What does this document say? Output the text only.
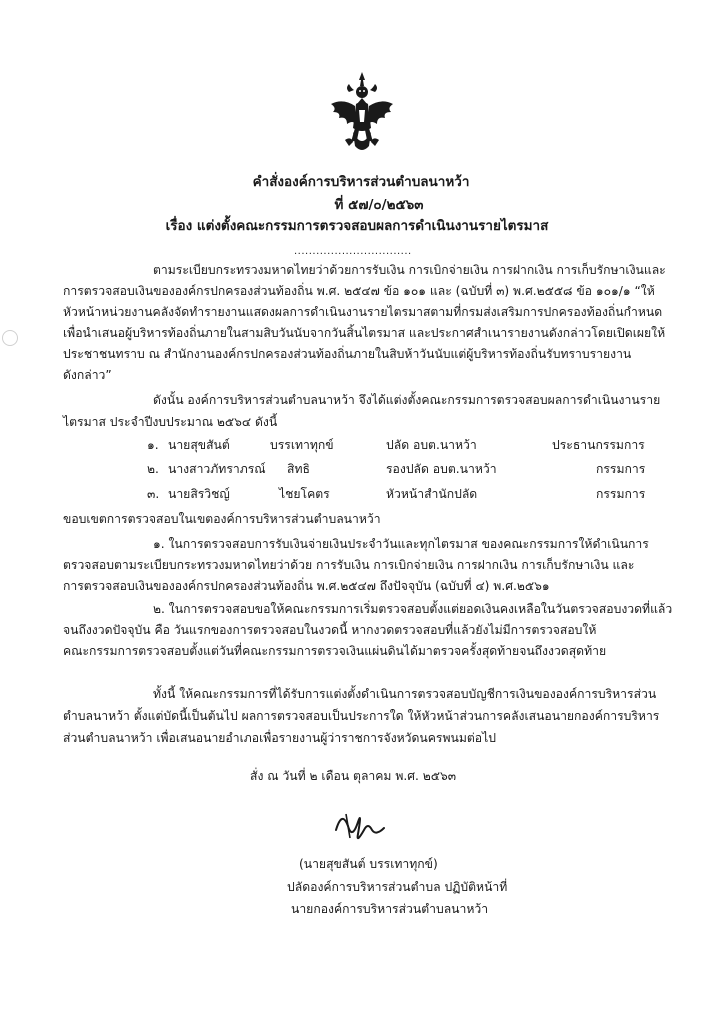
คำสั่งองค์การบริหารส่วนตำบลนาหว้า
ที่ ๕๗/๐/๒๕๖๓
เรื่อง แต่งตั้งคณะกรรมการตรวจสอบผลการดำเนินงานรายไตรมาส
................................
ตามระเบียบกระทรวงมหาดไทยว่าด้วยการรับเงิน การเบิกจ่ายเงิน การฝากเงิน การเก็บรักษาเงินและ
การตรวจสอบเงินขององค์กรปกครองส่วนท้องถิ่น พ.ศ. ๒๕๔๗ ข้อ ๑๐๑ และ (ฉบับที่ ๓) พ.ศ.๒๕๕๘ ข้อ ๑๐๑/๑ “ให้
หัวหน้าหน่วยงานคลังจัดทำรายงานแสดงผลการดำเนินงานรายไตรมาสตามที่กรมส่งเสริมการปกครองท้องถิ่นกำหนด
เพื่อนำเสนอผู้บริหารท้องถิ่นภายในสามสิบวันนับจากวันสิ้นไตรมาส และประกาศสำเนารายงานดังกล่าวโดยเปิดเผยให้
ประชาชนทราบ ณ สำนักงานองค์กรปกครองส่วนท้องถิ่นภายในสิบห้าวันนับแต่ผู้บริหารท้องถิ่นรับทราบรายงาน
ดังกล่าว”
ดังนั้น องค์การบริหารส่วนตำบลนาหว้า จึงได้แต่งตั้งคณะกรรมการตรวจสอบผลการดำเนินงานราย
ไตรมาส ประจำปีงบประมาณ ๒๕๖๔ ดังนี้
๑. นายสุขสันต์	บรรเทาทุกข์	ปลัด อบต.นาหว้า	ประธานกรรมการ
๒. นางสาวภัทราภรณ์ สิทธิ	รองปลัด อบต.นาหว้า	กรรมการ
๓. นายสิรวิชญ์	ไชยโคตร	หัวหน้าสำนักปลัด	กรรมการ
ขอบเขตการตรวจสอบในเขตองค์การบริหารส่วนตำบลนาหว้า
๑. ในการตรวจสอบการรับเงินจ่ายเงินประจำวันและทุกไตรมาส ของคณะกรรมการให้ดำเนินการ
ตรวจสอบตามระเบียบกระทรวงมหาดไทยว่าด้วย การรับเงิน การเบิกจ่ายเงิน การฝากเงิน การเก็บรักษาเงิน และ
การตรวจสอบเงินขององค์กรปกครองส่วนท้องถิ่น พ.ศ.๒๕๔๗ ถึงปัจจุบัน (ฉบับที่ ๔) พ.ศ.๒๕๖๑
๒. ในการตรวจสอบขอให้คณะกรรมการเริ่มตรวจสอบตั้งแต่ยอดเงินคงเหลือในวันตรวจสอบงวดที่แล้ว
จนถึงงวดปัจจุบัน คือ วันแรกของการตรวจสอบในงวดนี้ หากงวดตรวจสอบที่แล้วยังไม่มีการตรวจสอบให้
คณะกรรมการตรวจสอบตั้งแต่วันที่คณะกรรมการตรวจเงินแผ่นดินได้มาตรวจครั้งสุดท้ายจนถึงงวดสุดท้าย
ทั้งนี้ ให้คณะกรรมการที่ได้รับการแต่งตั้งดำเนินการตรวจสอบบัญชีการเงินขององค์การบริหารส่วน
ตำบลนาหว้า ตั้งแต่บัดนี้เป็นต้นไป ผลการตรวจสอบเป็นประการใด ให้หัวหน้าส่วนการคลังเสนอนายกองค์การบริหาร
ส่วนตำบลนาหว้า เพื่อเสนอนายอำเภอเพื่อรายงานผู้ว่าราชการจังหวัดนครพนมต่อไป
สั่ง ณ วันที่ ๒ เดือน ตุลาคม พ.ศ. ๒๕๖๓
(นายสุขสันต์ บรรเทาทุกข์)
ปลัดองค์การบริหารส่วนตำบล ปฏิบัติหน้าที่
นายกองค์การบริหารส่วนตำบลนาหว้า
